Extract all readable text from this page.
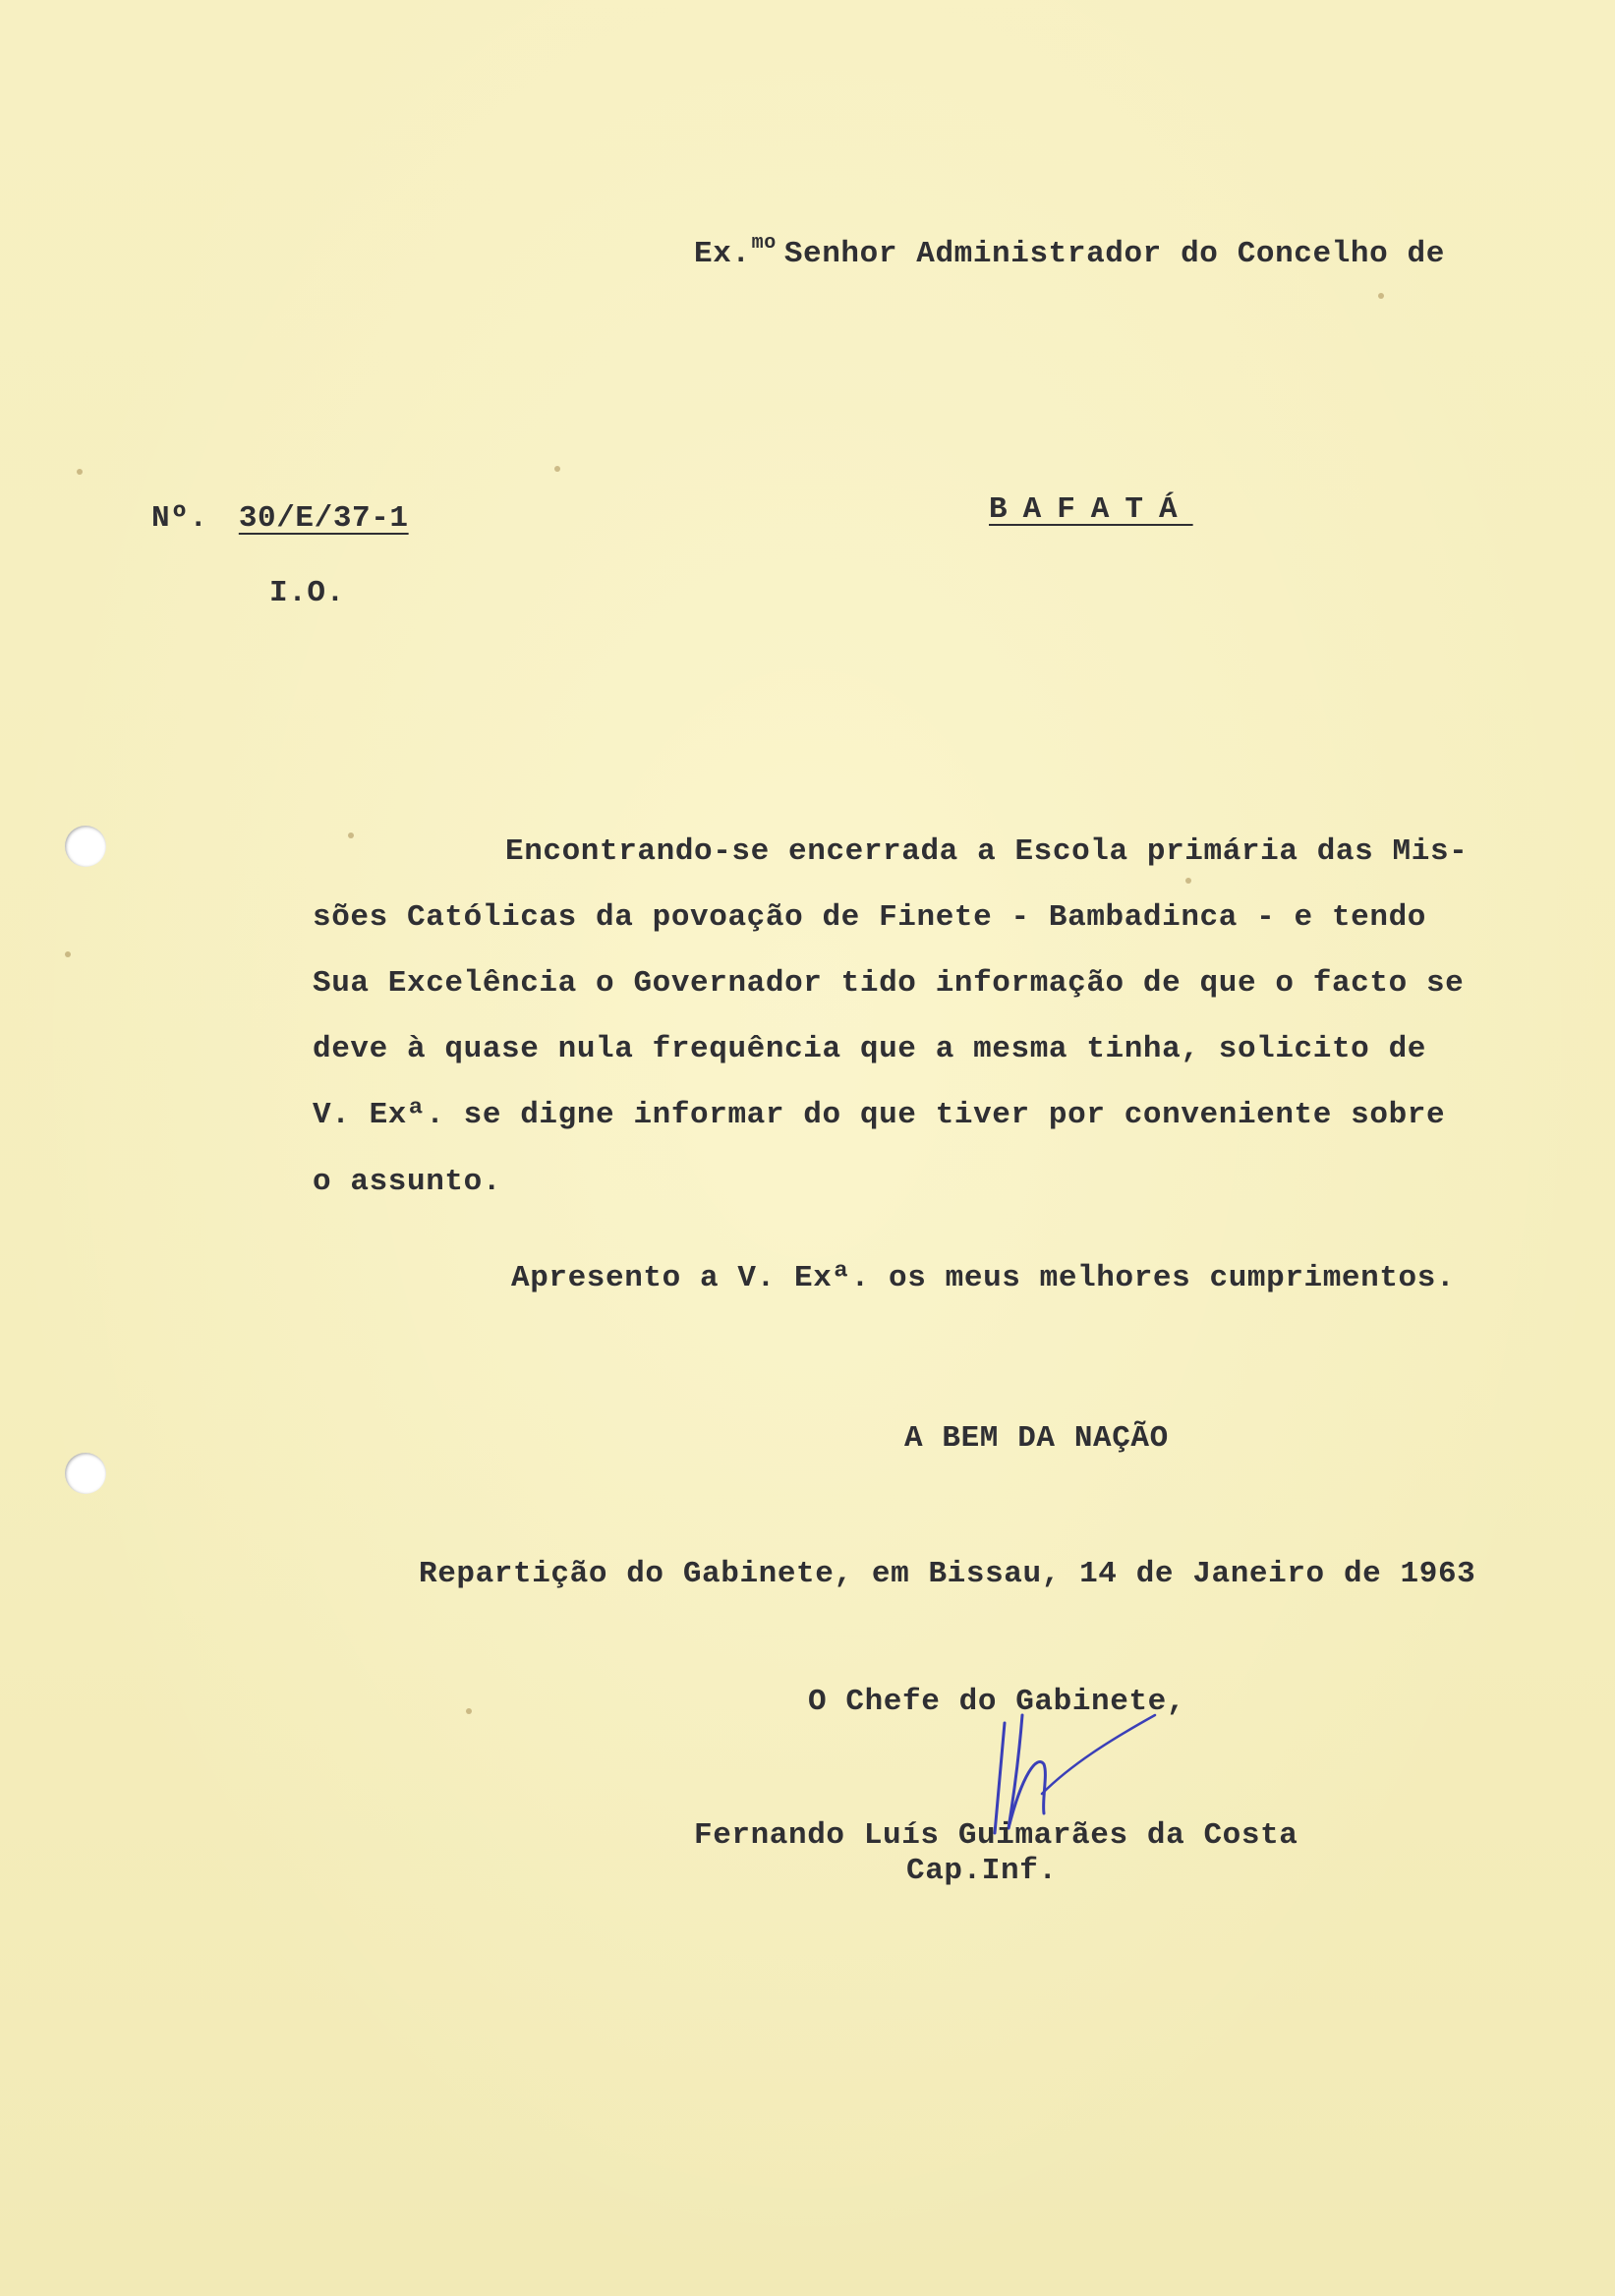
Ex.$^{mo}$ Senhor Administrador do Concelho de
Nº. 30/E/37-1	BAFATÁ
I.O.
Encontrando-se encerrada a Escola primária das Mis-
sões Católicas da povoação de Finete - Bambadinca - e tendo
Sua Excelência o Governador tido informação de que o facto se
deve à quase nula frequência que a mesma tinha, solicito de
V. Exª. se digne informar do que tiver por conveniente sobre
o assunto.
Apresento a V. Exª. os meus melhores cumprimentos.
A BEM DA NAÇÃO
Repartição do Gabinete, em Bissau, 14 de Janeiro de 1963
O Chefe do Gabinete,
Fernando Luís Guimarães da Costa
Cap.Inf.
